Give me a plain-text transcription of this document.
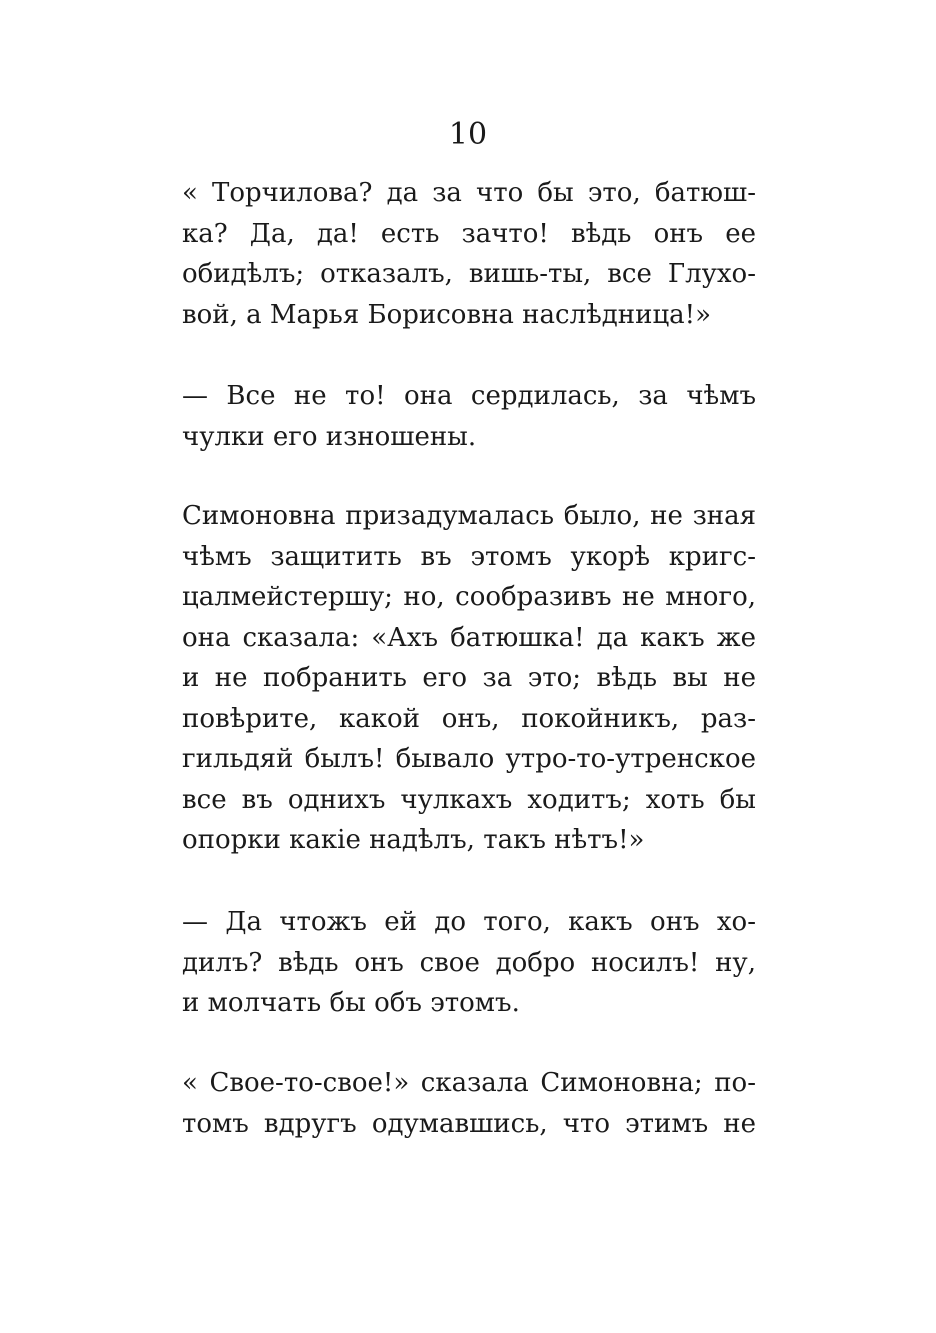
10
« Торчилова? да за что бы это, батюш-
ка? Да, да! есть зачто! вѣдь онъ ее
обидѣлъ; отказалъ, вишь-ты, все Глухо-
вой, а Марья Борисовна наслѣдница!»
— Все не то! она сердилась, за чѣмъ
чулки его изношены.
Симоновна призадумалась было, не зная
чѣмъ защитить въ этомъ укорѣ кригс-
цалмейстершу; но, сообразивъ не много,
она сказала: «Ахъ батюшка! да какъ же
и не побранить его за это; вѣдь вы не
повѣрите, какой онъ, покойникъ, раз-
гильдяй былъ! бывало утро-то-утренское
все въ однихъ чулкахъ ходитъ; хоть бы
опорки какіе надѣлъ, такъ нѣтъ!»
— Да чтожъ ей до того, какъ онъ хо-
дилъ? вѣдь онъ свое добро носилъ! ну,
и молчать бы объ этомъ.
« Свое-то-свое!» сказала Симоновна; по-
томъ вдругъ одумавшись, что этимъ не
